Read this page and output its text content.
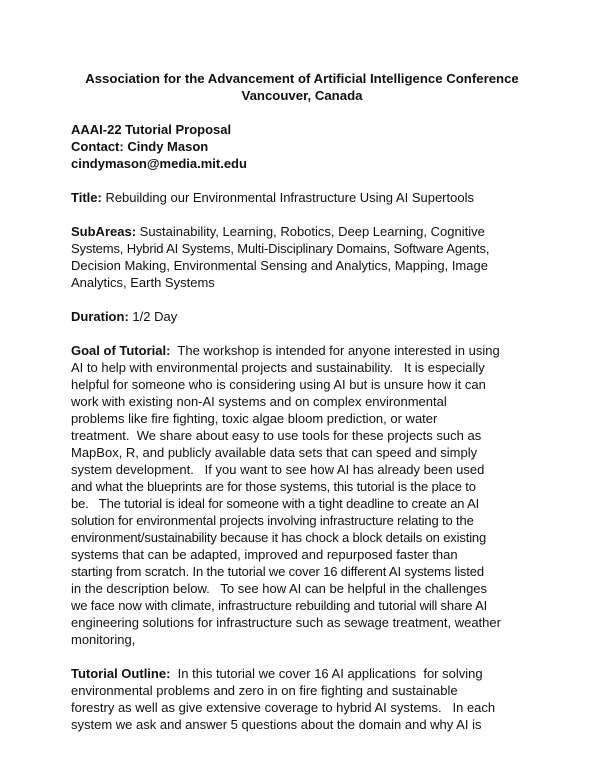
Association for the Advancement of Artificial Intelligence Conference
Vancouver, Canada
AAAI-22 Tutorial Proposal
Contact: Cindy Mason
cindymason@media.mit.edu

Title: Rebuilding our Environmental Infrastructure Using AI Supertools

SubAreas: Sustainability, Learning, Robotics, Deep Learning, Cognitive
Systems, Hybrid AI Systems, Multi-Disciplinary Domains, Software Agents,
Decision Making, Environmental Sensing and Analytics, Mapping, Image
Analytics, Earth Systems

Duration: 1/2 Day

Goal of Tutorial:  The workshop is intended for anyone interested in using
AI to help with environmental projects and sustainability.   It is especially
helpful for someone who is considering using AI but is unsure how it can
work with existing non-AI systems and on complex environmental
problems like fire fighting, toxic algae bloom prediction, or water
treatment.  We share about easy to use tools for these projects such as
MapBox, R, and publicly available data sets that can speed and simply
system development.   If you want to see how AI has already been used
and what the blueprints are for those systems, this tutorial is the place to
be.   The tutorial is ideal for someone with a tight deadline to create an AI
solution for environmental projects involving infrastructure relating to the
environment/sustainability because it has chock a block details on existing
systems that can be adapted, improved and repurposed faster than
starting from scratch. In the tutorial we cover 16 different AI systems listed
in the description below.   To see how AI can be helpful in the challenges
we face now with climate, infrastructure rebuilding and tutorial will share AI
engineering solutions for infrastructure such as sewage treatment, weather
monitoring,

Tutorial Outline:  In this tutorial we cover 16 AI applications  for solving
environmental problems and zero in on fire fighting and sustainable
forestry as well as give extensive coverage to hybrid AI systems.   In each
system we ask and answer 5 questions about the domain and why AI is
